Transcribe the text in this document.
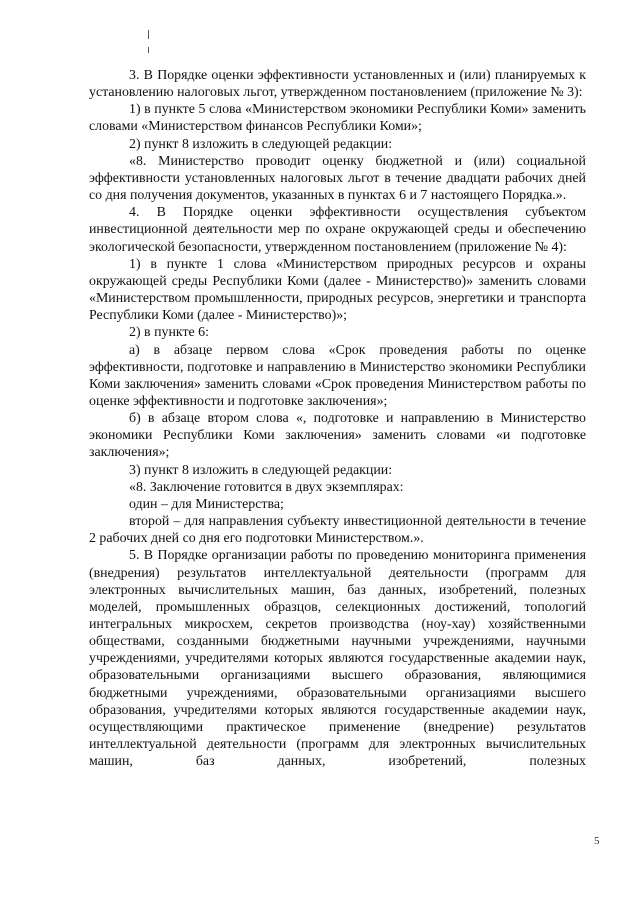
3. В Порядке оценки эффективности установленных и (или) планируемых к установлению налоговых льгот, утвержденном постановлением (приложение № 3):

1) в пункте 5 слова «Министерством экономики Республики Коми» заменить словами «Министерством финансов Республики Коми»;

2) пункт 8 изложить в следующей редакции:

«8. Министерство проводит оценку бюджетной и (или) социальной эффективности установленных налоговых льгот в течение двадцати рабочих дней со дня получения документов, указанных в пунктах 6 и 7 настоящего Порядка.».

4. В Порядке оценки эффективности осуществления субъектом инвестиционной деятельности мер по охране окружающей среды и обеспечению экологической безопасности, утвержденном постановлением (приложение № 4):

1) в пункте 1 слова «Министерством природных ресурсов и охраны окружающей среды Республики Коми (далее - Министерство)» заменить словами «Министерством промышленности, природных ресурсов, энергетики и транспорта Республики Коми (далее - Министерство)»;

2) в пункте 6:

а) в абзаце первом слова «Срок проведения работы по оценке эффективности, подготовке и направлению в Министерство экономики Республики Коми заключения» заменить словами «Срок проведения Министерством работы по оценке эффективности и подготовке заключения»;

б) в абзаце втором слова «, подготовке и направлению в Министерство экономики Республики Коми заключения» заменить словами «и подготовке заключения»;

3) пункт 8 изложить в следующей редакции:

«8. Заключение готовится в двух экземплярах:

один – для Министерства;

второй – для направления субъекту инвестиционной деятельности в течение 2 рабочих дней со дня его подготовки Министерством.».

5. В Порядке организации работы по проведению мониторинга применения (внедрения) результатов интеллектуальной деятельности (программ для электронных вычислительных машин, баз данных, изобретений, полезных моделей, промышленных образцов, селекционных достижений, топологий интегральных микросхем, секретов производства (ноу-хау) хозяйственными обществами, созданными бюджетными научными учреждениями, научными учреждениями, учредителями которых являются государственные академии наук, образовательными организациями высшего образования, являющимися бюджетными учреждениями, образовательными организациями высшего образования, учредителями которых являются государственные академии наук, осуществляющими практическое применение (внедрение) результатов интеллектуальной деятельности (программ для электронных вычислительных машин, баз данных, изобретений, полезных

5
